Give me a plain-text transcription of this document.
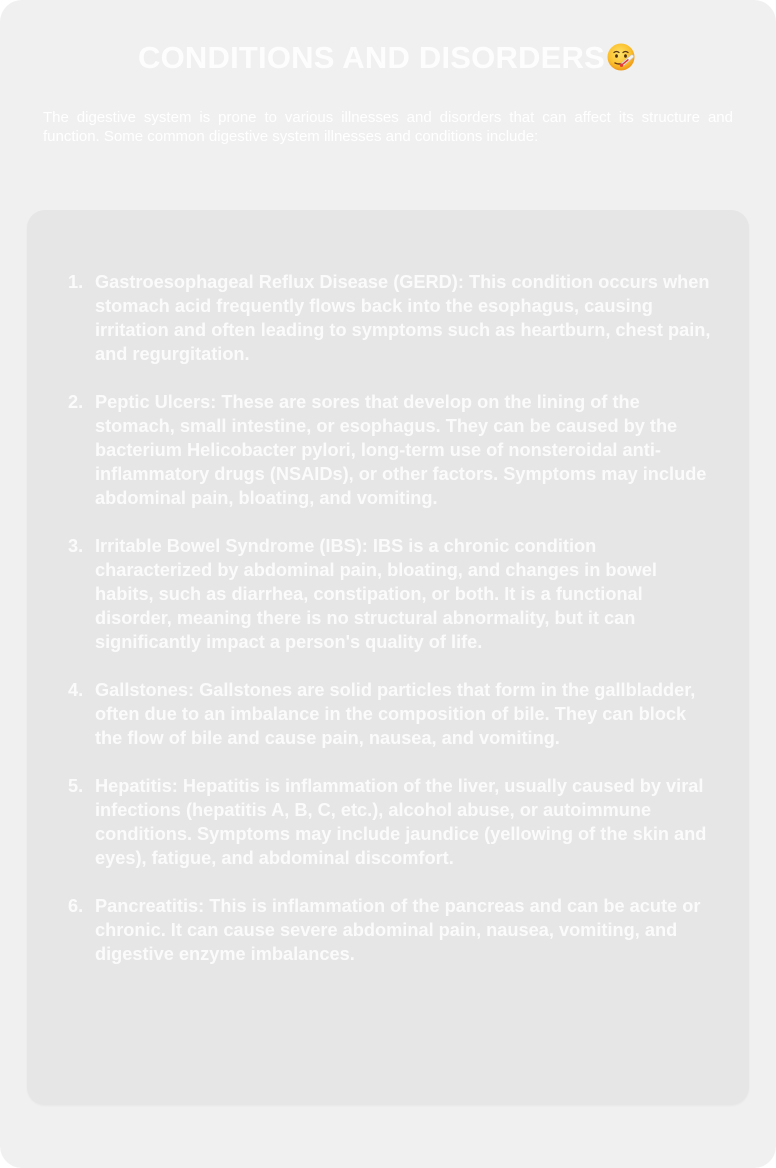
CONDITIONS AND DISORDERS

The digestive system is prone to various illnesses and disorders that can affect its structure and function. Some common digestive system illnesses and conditions include:

1. Gastroesophageal Reflux Disease (GERD): This condition occurs when stomach acid frequently flows back into the esophagus, causing irritation and often leading to symptoms such as heartburn, chest pain, and regurgitation.
2. Peptic Ulcers: These are sores that develop on the lining of the stomach, small intestine, or esophagus. They can be caused by the bacterium Helicobacter pylori, long-term use of nonsteroidal anti-inflammatory drugs (NSAIDs), or other factors. Symptoms may include abdominal pain, bloating, and vomiting.
3. Irritable Bowel Syndrome (IBS): IBS is a chronic condition characterized by abdominal pain, bloating, and changes in bowel habits, such as diarrhea, constipation, or both. It is a functional disorder, meaning there is no structural abnormality, but it can significantly impact a person's quality of life.
4. Gallstones: Gallstones are solid particles that form in the gallbladder, often due to an imbalance in the composition of bile. They can block the flow of bile and cause pain, nausea, and vomiting.
5. Hepatitis: Hepatitis is inflammation of the liver, usually caused by viral infections (hepatitis A, B, C, etc.), alcohol abuse, or autoimmune conditions. Symptoms may include jaundice (yellowing of the skin and eyes), fatigue, and abdominal discomfort.
6. Pancreatitis: This is inflammation of the pancreas and can be acute or chronic. It can cause severe abdominal pain, nausea, vomiting, and digestive enzyme imbalances.
